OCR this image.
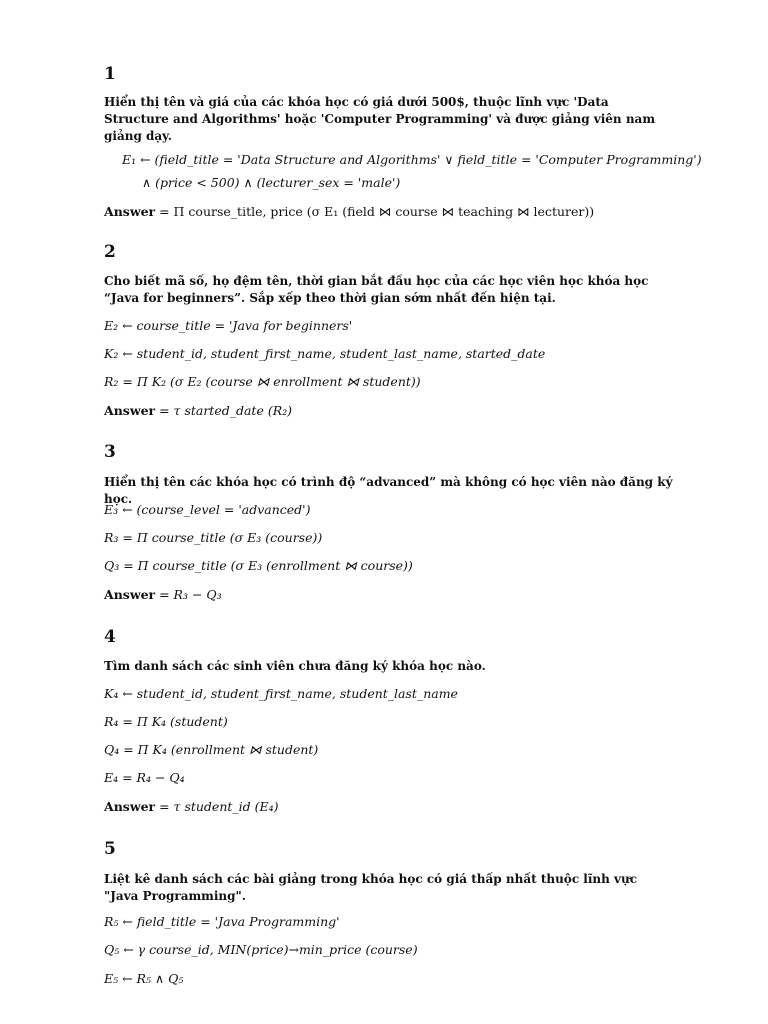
1
Hiển thị tên và giá của các khóa học có giá dưới 500$, thuộc lĩnh vực 'Data Structure and Algorithms' hoặc 'Computer Programming' và được giảng viên nam giảng dạy.
E₁ ← (field_title = 'Data Structure and Algorithms' ∨ field_title = 'Computer Programming')
∧ (price < 500) ∧ (lecturer_sex = 'male')
Answer = Π course_title, price (σ E₁ (field ⋈ course ⋈ teaching ⋈ lecturer))
2
Cho biết mã số, họ đệm tên, thời gian bắt đầu học của các học viên học khóa học “Java for beginners”. Sắp xếp theo thời gian sớm nhất đến hiện tại.
E₂ ← course_title = 'Java for beginners'
K₂ ← student_id, student_first_name, student_last_name, started_date
R₂ = Π K₂ (σ E₂ (course ⋈ enrollment ⋈ student))
Answer = τ started_date (R₂)
3
Hiển thị tên các khóa học có trình độ “advanced” mà không có học viên nào đăng ký học.
E₃ ← (course_level = 'advanced')
R₃ = Π course_title (σ E₃ (course))
Q₃ = Π course_title (σ E₃ (enrollment ⋈ course))
Answer = R₃ − Q₃
4
Tìm danh sách các sinh viên chưa đăng ký khóa học nào.
K₄ ← student_id, student_first_name, student_last_name
R₄ = Π K₄ (student)
Q₄ = Π K₄ (enrollment ⋈ student)
E₄ = R₄ − Q₄
Answer = τ student_id (E₄)
5
Liệt kê danh sách các bài giảng trong khóa học có giá thấp nhất thuộc lĩnh vực "Java Programming".
R₅ ← field_title = 'Java Programming'
Q₅ ← γ course_id, MIN(price)→min_price (course)
E₅ ← R₅ ∧ Q₅
